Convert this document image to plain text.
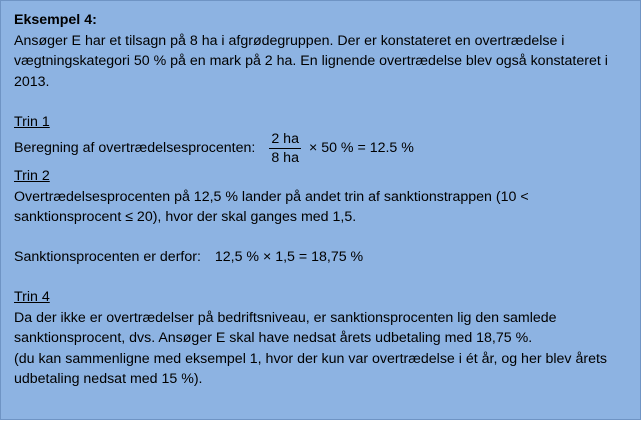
Eksempel 4:
Ansøger E har et tilsagn på 8 ha i afgrødegruppen. Der er konstateret en overtrædelse i
vægtningskategori 50 % på en mark på 2 ha. En lignende overtrædelse blev også konstateret i
2013.
Trin 1
Beregning af overtrædelsesprocenten: $\frac{2 ha}{8 ha} \times 50$ % = 12.5 %
Trin 2
Overtrædelsesprocenten på 12,5 % lander på andet trin af sanktionstrappen (10 <
sanktionsprocent ≤ 20), hvor der skal ganges med 1,5.
Sanktionsprocenten er derfor: 12,5 % × 1,5 = 18,75 %
Trin 4
Da der ikke er overtrædelser på bedriftsniveau, er sanktionsprocenten lig den samlede
sanktionsprocent, dvs. Ansøger E skal have nedsat årets udbetaling med 18,75 %.
(du kan sammenligne med eksempel 1, hvor der kun var overtrædelse i ét år, og her blev årets
udbetaling nedsat med 15 %).
